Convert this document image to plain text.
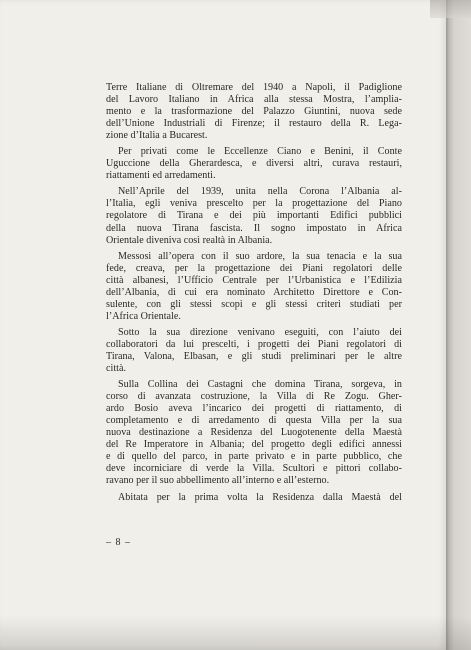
Terre Italiane di Oltremare del 1940 a Napoli, il Padiglione
del Lavoro Italiano in Africa alla stessa Mostra, l’amplia-
mento e la trasformazione del Palazzo Giuntini, nuova sede
dell’Unione Industriali di Firenze; il restauro della R. Lega-
zione d’Italia a Bucarest.
Per privati come le Eccellenze Ciano e Benini, il Conte
Uguccione della Gherardesca, e diversi altri, curava restauri,
riattamenti ed arredamenti.
Nell’Aprile del 1939, unita nella Corona l’Albania al-
l’Italia, egli veniva prescelto per la progettazione del Piano
regolatore di Tirana e dei più importanti Edifici pubblici
della nuova Tirana fascista. Il sogno impostato in Africa
Orientale diveniva così realtà in Albania.
Messosi all’opera con il suo ardore, la sua tenacia e la sua
fede, creava, per la progettazione dei Piani regolatori delle
città albanesi, l’Ufficio Centrale per l’Urbanistica e l’Edilizia
dell’Albania, di cui era nominato Architetto Direttore e Con-
sulente, con gli stessi scopi e gli stessi criteri studiati per
l’Africa Orientale.
Sotto la sua direzione venivano eseguiti, con l’aiuto dei
collaboratori da lui prescelti, i progetti dei Piani regolatori di
Tirana, Valona, Elbasan, e gli studi preliminari per le altre
città.
Sulla Collina dei Castagni che domina Tirana, sorgeva, in
corso di avanzata costruzione, la Villa di Re Zogu. Gher-
ardo Bosio aveva l’incarico dei progetti di riattamento, di
completamento e di arredamento di questa Villa per la sua
nuova destinazione a Residenza del Luogotenente della Maestà
del Re Imperatore in Albania; del progetto degli edifici annessi
e di quello del parco, in parte privato e in parte pubblico, che
deve incorniciare di verde la Villa. Scultori e pittori collabo-
ravano per il suo abbellimento all’interno e all’esterno.
Abitata per la prima volta la Residenza dalla Maestà del
– 8 –
